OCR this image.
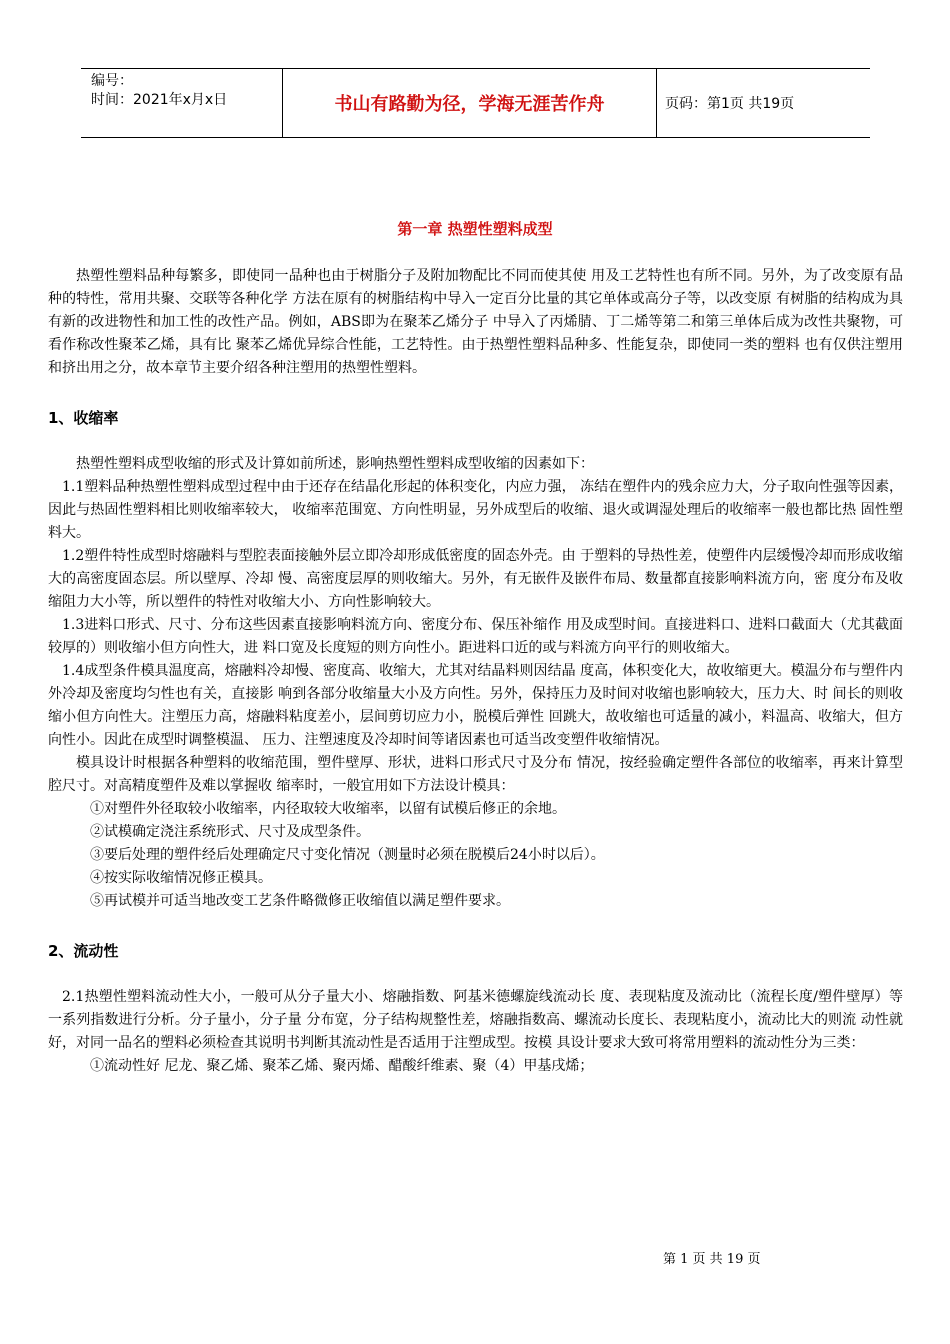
编号：
时间：2021年x月x日	书山有路勤为径，学海无涯苦作舟	页码：第1页 共19页
第一章 热塑性塑料成型

热塑性塑料品种每繁多，即使同一品种也由于树脂分子及附加物配比不同而使其使 用及工艺特性也有所不同。另外，为了改变原有品种的特性，常用共聚、交联等各种化学 方法在原有的树脂结构中导入一定百分比量的其它单体或高分子等，以改变原 有树脂的结构成为具有新的改进物性和加工性的改性产品。例如，ABS即为在聚苯乙烯分子 中导入了丙烯腈、丁二烯等第二和第三单体后成为改性共聚物，可看作称改性聚苯乙烯，具有比 聚苯乙烯优异综合性能，工艺特性。由于热塑性塑料品种多、性能复杂，即使同一类的塑料 也有仅供注塑用和挤出用之分，故本章节主要介绍各种注塑用的热塑性塑料。

1、收缩率

热塑性塑料成型收缩的形式及计算如前所述，影响热塑性塑料成型收缩的因素如下：

1.1塑料品种热塑性塑料成型过程中由于还存在结晶化形起的体积变化，内应力强， 冻结在塑件内的残余应力大，分子取向性强等因素，因此与热固性塑料相比则收缩率较大， 收缩率范围宽、方向性明显，另外成型后的收缩、退火或调湿处理后的收缩率一般也都比热 固性塑料大。

1.2塑件特性成型时熔融料与型腔表面接触外层立即冷却形成低密度的固态外壳。由 于塑料的导热性差，使塑件内层缓慢冷却而形成收缩大的高密度固态层。所以壁厚、冷却 慢、高密度层厚的则收缩大。另外，有无嵌件及嵌件布局、数量都直接影响料流方向，密 度分布及收缩阻力大小等，所以塑件的特性对收缩大小、方向性影响较大。

1.3进料口形式、尺寸、分布这些因素直接影响料流方向、密度分布、保压补缩作 用及成型时间。直接进料口、进料口截面大（尤其截面较厚的）则收缩小但方向性大，进 料口宽及长度短的则方向性小。距进料口近的或与料流方向平行的则收缩大。

1.4成型条件模具温度高，熔融料冷却慢、密度高、收缩大，尤其对结晶料则因结晶 度高，体积变化大，故收缩更大。模温分布与塑件内外冷却及密度均匀性也有关，直接影 响到各部分收缩量大小及方向性。另外，保持压力及时间对收缩也影响较大，压力大、时 间长的则收缩小但方向性大。注塑压力高，熔融料粘度差小，层间剪切应力小，脱模后弹性 回跳大，故收缩也可适量的减小，料温高、收缩大，但方向性小。因此在成型时调整模温、 压力、注塑速度及冷却时间等诸因素也可适当改变塑件收缩情况。

模具设计时根据各种塑料的收缩范围，塑件壁厚、形状，进料口形式尺寸及分布 情况，按经验确定塑件各部位的收缩率，再来计算型腔尺寸。对高精度塑件及难以掌握收 缩率时，一般宜用如下方法设计模具：

①对塑件外径取较小收缩率，内径取较大收缩率，以留有试模后修正的余地。

②试模确定浇注系统形式、尺寸及成型条件。

③要后处理的塑件经后处理确定尺寸变化情况（测量时必须在脱模后24小时以后）。

④按实际收缩情况修正模具。

⑤再试模并可适当地改变工艺条件略微修正收缩值以满足塑件要求。

2、流动性

2.1热塑性塑料流动性大小，一般可从分子量大小、熔融指数、阿基米德螺旋线流动长 度、表现粘度及流动比（流程长度/塑件壁厚）等一系列指数进行分析。分子量小，分子量 分布宽，分子结构规整性差，熔融指数高、螺流动长度长、表现粘度小，流动比大的则流 动性就好，对同一品名的塑料必须检查其说明书判断其流动性是否适用于注塑成型。按模 具设计要求大致可将常用塑料的流动性分为三类：

①流动性好 尼龙、聚乙烯、聚苯乙烯、聚丙烯、醋酸纤维素、聚（4）甲基戌烯；

第 1 页 共 19 页
